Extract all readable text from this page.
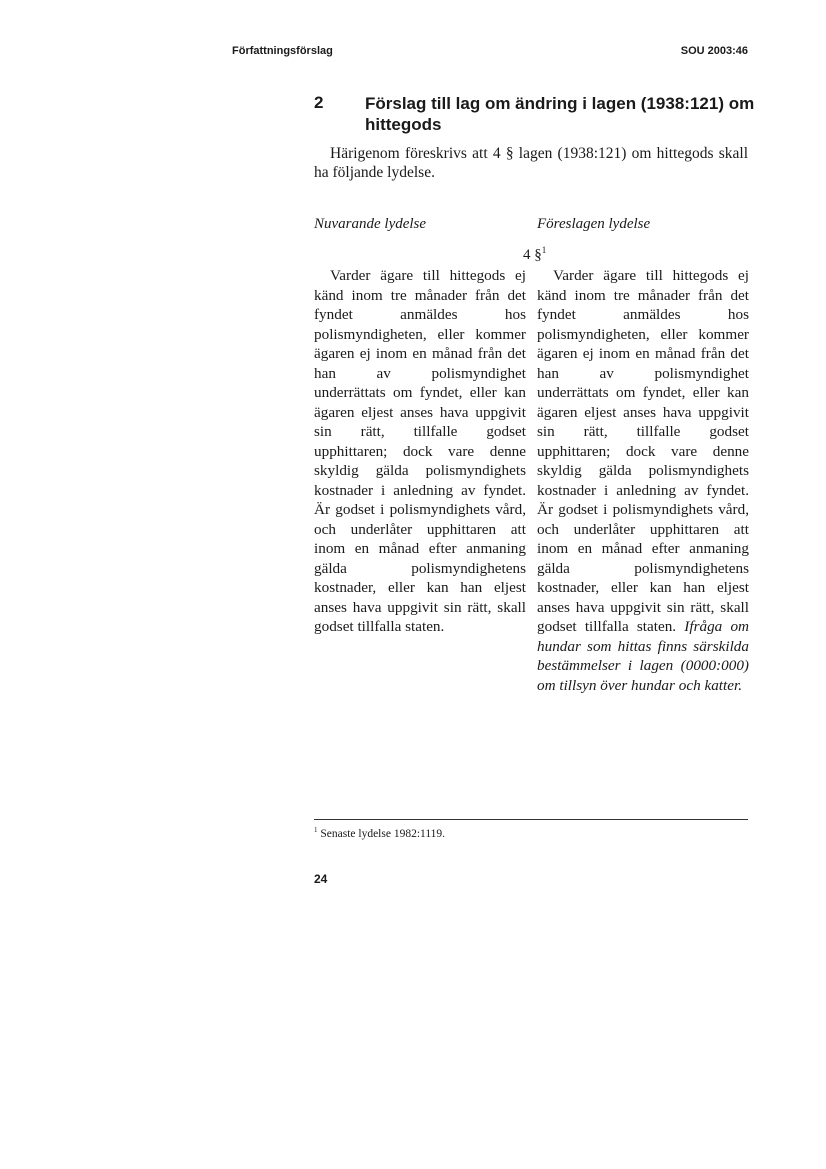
Författningsförslag	SOU 2003:46
2 Förslag till lag om ändring i lagen (1938:121) om hittegods
Härigenom föreskrivs att 4 § lagen (1938:121) om hittegods skall ha följande lydelse.
Nuvarande lydelse	Föreslagen lydelse
4 §$^1$
Varder ägare till hittegods ej känd inom tre månader från det fyndet anmäldes hos polismyndigheten, eller kommer ägaren ej inom en månad från det han av polismyndighet underrättats om fyndet, eller kan ägaren eljest anses hava uppgivit sin rätt, tillfalle godset upphittaren; dock vare denne skyldig gälda polismyndighets kostnader i anledning av fyndet. Är godset i polismyndighets vård, och underlåter upphittaren att inom en månad efter anmaning gälda polismyndighetens kostnader, eller kan han eljest anses hava uppgivit sin rätt, skall godset tillfalla staten.
Varder ägare till hittegods ej känd inom tre månader från det fyndet anmäldes hos polismyndigheten, eller kommer ägaren ej inom en månad från det han av polismyndighet underrättats om fyndet, eller kan ägaren eljest anses hava uppgivit sin rätt, tillfalle godset upphittaren; dock vare denne skyldig gälda polismyndighets kostnader i anledning av fyndet. Är godset i polismyndighets vård, och underlåter upphittaren att inom en månad efter anmaning gälda polismyndighetens kostnader, eller kan han eljest anses hava uppgivit sin rätt, skall godset tillfalla staten. Ifråga om hundar som hittas finns särskilda bestämmelser i lagen (0000:000) om tillsyn över hundar och katter.
$^1$ Senaste lydelse 1982:1119.
24
